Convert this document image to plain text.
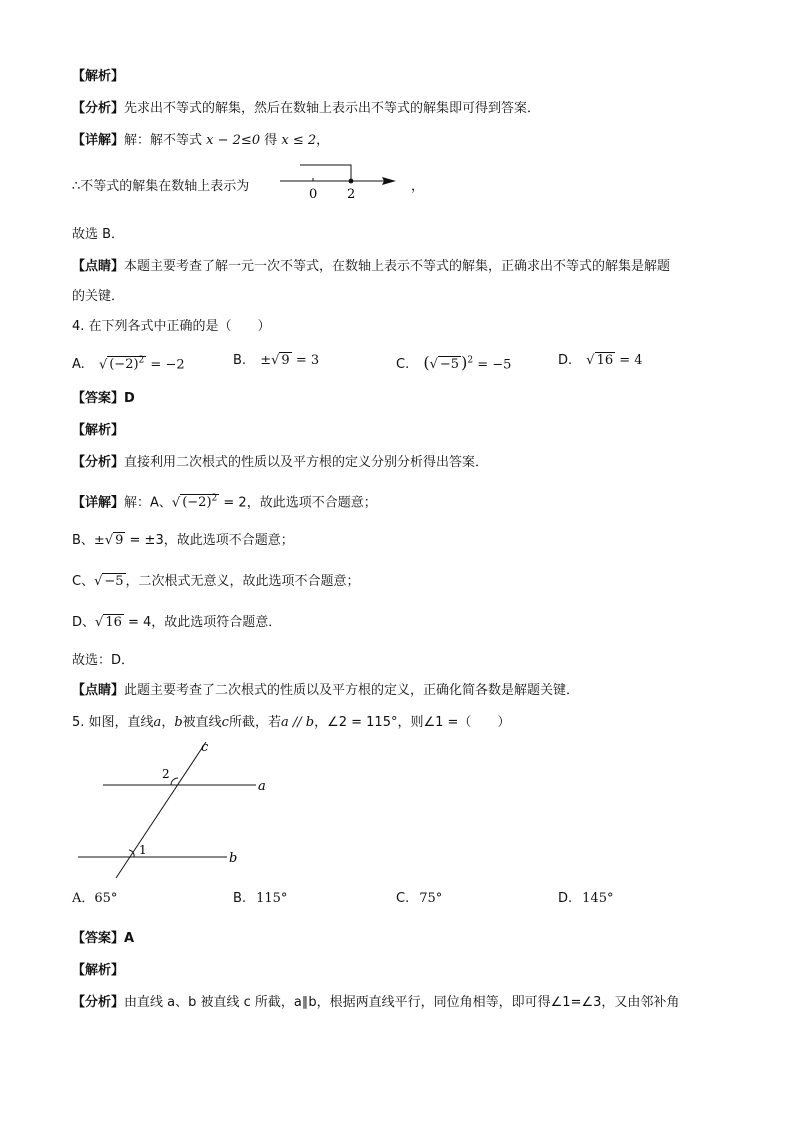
【解析】
【分析】先求出不等式的解集，然后在数轴上表示出不等式的解集即可得到答案．
【详解】解：解不等式 x − 2≤0 得 x ≤ 2，
∴不等式的解集在数轴上表示为
0 2
，
故选 B．
【点睛】本题主要考查了解一元一次不等式，在数轴上表示不等式的解集，正确求出不等式的解集是解题
的关键．
4. 在下列各式中正确的是（　　）
A. √ $(-2)^2 = -2$	B. ±√ 9 = 3	C. (√ −5 )$^2$ = −5	D. √ 16 = 4
【答案】D
【解析】
【分析】直接利用二次根式的性质以及平方根的定义分别分析得出答案．
【详解】解：A、√ $(-2)^2 = 2$，故此选项不合题意；
B、±√ 9 = ±3，故此选项不合题意；
C、√ −5 ，二次根式无意义，故此选项不合题意；
D、√ 16 = 4，故此选项符合题意．
故选：D．
【点睛】此题主要考查了二次根式的性质以及平方根的定义，正确化简各数是解题关键．
5. 如图，直线a，b被直线c所截，若a // b，∠2 = 115°，则∠1 =（　　）
c
a
b
2
1
A．65°	B. 115°	C. 75°	D. 145°
【答案】A
【解析】
【分析】由直线 a、b 被直线 c 所截，a∥b，根据两直线平行，同位角相等，即可得∠1=∠3，又由邻补角
